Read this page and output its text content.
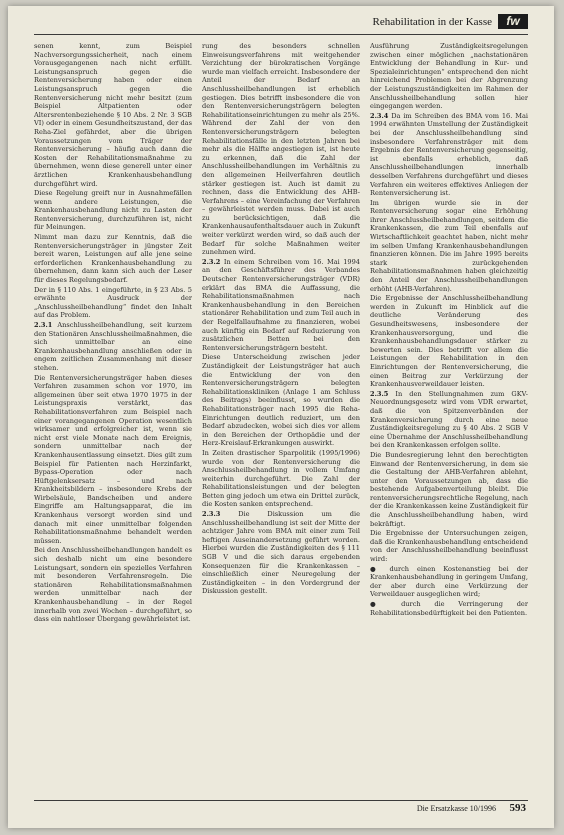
Rehabilitation in der Kasse	fw

senen kennt, zum Beispiel Nachversorgungssicherheit, nach einem Vorausgegangenen nach nicht erfüllt. Leistungsanspruch gegen die Rentenversicherung haben oder einen Leistungsanspruch gegen die Rentenversicherung nicht mehr besitzt (zum Beispiel Altpatienten oder Altersrentenbeziehende § 10 Abs. 2 Nr. 3 SGB VI) oder in einem Gesundheitszustand, der das Reha-Ziel gefährdet, aber die übrigen Voraussetzungen vom Träger der Rentenversicherung – häufig auch dann die Kosten der Rehabilitationsmaßnahme zu übernehmen, wenn diese generell unter einer ärztlichen Krankenhausbehandlung durchgeführt wird.

Diese Regelung greift nur in Ausnahmefällen wenn andere Leistungen, die Krankenhausbehandlung nicht zu Lasten der Rentenversicherung, durchzuführen ist, nicht für Meinungen.

Nimmt man dazu zur Kenntnis, daß die Rentenversicherungsträger in jüngster Zeit bereit waren, Leistungen auf alle jene seine erforderlichen Krankenhausbehandlung zu übernehmen, dann kann sich auch der Leser für dieses Regelungsbedarf.

Der in § 110 Abs. 1 eingeführte, in § 23 Abs. 5 erwähnte Ausdruck der „Anschlussheilbehandlung“ findet den Inhalt auf das Problem.

2.3.1 Anschlussheilbehandlung, seit kurzem den Stationären Anschlussheilmaßnahmen, die sich unmittelbar an eine Krankenhausbehandlung anschließen oder in engem zeitlichen Zusammenhang mit dieser stehen.

Die Rentenversicherungsträger haben dieses Verfahren zusammen schon vor 1970, im allgemeinen über seit etwa 1970 1975 in der Leistungspraxis verstärkt, das Rehabilitationsverfahren zum Beispiel nach einer vorangegangenen Operation wesentlich wirksamer und erfolgreicher ist, wenn sie nicht erst viele Monate nach dem Ereignis, sondern unmittelbar nach der Krankenhausentlassung einsetzt. Dies gilt zum Beispiel für Patienten nach Herzinfarkt, Bypass-Operation oder nach Hüftgelenksersatz – und nach Krankheitsbildern – insbesondere Krebs der Wirbelsäule, Bandscheiben und andere Eingriffe am Haltungsapparat, die im Krankenhaus versorgt worden sind und danach mit einer unmittelbar folgenden Rehabilitationsmaßnahme behandelt werden müssen.

Bei den Anschlussheilbehandlungen handelt es sich deshalb nicht um eine besondere Leistungsart, sondern ein spezielles Verfahren mit besonderen Verfahrensregeln. Die stationären Rehabilitationsmaßnahmen werden unmittelbar nach der Krankenhausbehandlung – in der Regel innerhalb von zwei Wochen – durchgeführt, so dass ein nahtloser Übergang gewährleistet ist.

rung des besonders schnellen Einweisungsverfahrens mit weitgehender Verzichtung der bürokratischen Vorgänge wurde man vielfach erreicht. Insbesondere der Anteil der Bedarf an Anschlussheilbehandlungen ist erheblich gestiegen. Dies betrifft insbesondere die von den Rentenversicherungsträgern belegten Rehabilitationseinrichtungen zu mehr als 25%. Während der Zahl der von den Rentenversicherungsträgern belegten Rehabilitationsfälle in den letzten Jahren bei mehr als die Hälfte angestiegen ist, ist heute zu erkennen, daß die Zahl der Anschlussheilbehandlungen im Verhältnis zu den allgemeinen Heilverfahren deutlich stärker gestiegen ist. Auch ist damit zu rechnen, dass die Entwicklung des AHB-Verfahrens – eine Vereinfachung der Verfahren – gewährleistet werden muss. Dabei ist auch zu berücksichtigen, daß die Krankenhausaufenthaltsdauer auch in Zukunft weiter verkürzt werden wird, so daß auch der Bedarf für solche Maßnahmen weiter zunehmen wird.

2.3.2 In einem Schreiben vom 16. Mai 1994 an den Geschäftsführer des Verbandes Deutscher Rentenversicherungsträger (VDR) erklärt das BMA die Auffassung, die Rehabilitationsmaßnahmen nach Krankenhausbehandlung in den Bereichen stationärer Rehabilitation und zum Teil auch in der Regelfallaufnahme zu finanzieren, wobei auch künftig ein Bedarf auf Reduzierung von zusätzlichen Betten bei den Rentenversicherungsträgern besteht.

Diese Unterscheidung zwischen jeder Zuständigkeit der Leistungsträger hat auch die Entwicklung der von den Rentenversicherungsträgern belegten Rehabilitationskliniken (Anlage 1 am Schluss des Beitrags) beeinflusst, so wurden die Rehabilitationsträger nach 1995 die Reha-Einrichtungen deutlich reduziert, um den Bedarf abzudecken, wobei sich dies vor allem in den Bereichen der Orthopädie und der Herz-Kreislauf-Erkrankungen auswirkt.

In Zeiten drastischer Sparpolitik (1995/1996) wurde von der Rentenversicherung die Anschlussheilbehandlung in vollem Umfang weiterhin durchgeführt. Die Zahl der Rehabilitationsleistungen und der belegten Betten ging jedoch um etwa ein Drittel zurück, die Kosten sanken entsprechend.

2.3.3 Die Diskussion um die Anschlussheilbehandlung ist seit der Mitte der achtziger Jahre vom BMA mit einer zum Teil heftigen Auseinandersetzung geführt worden. Hierbei wurden die Zuständigkeiten des § 111 SGB V und die sich daraus ergebenden Konsequenzen für die Krankenkassen – einschließlich einer Neuregelung der Zuständigkeiten – in den Vordergrund der Diskussion gestellt.

Ausführung Zuständigkeitsregelungen zwischen einer möglichen „nachstationären Entwicklung der Behandlung in Kur- und Spezialeinrichtungen“ entsprechend den nicht hinreichend Problemen bei der Abgrenzung der Leistungszuständigkeiten im Rahmen der Anschlussheilbehandlung sollen hier eingegangen werden.

2.3.4 Da im Schreiben des BMA vom 16. Mai 1994 erwähnten Umstellung der Zuständigkeit bei der Anschlussheilbehandlung sind insbesondere Verfahrensträger mit dem Ergebnis der Rentenversicherung gegenseitig, ist ebenfalls erheblich, daß Anschlussheilbehandlungen innerhalb desselben Verfahrens durchgeführt und dieses Verfahren ein weiteres effektives Anliegen der Rentenversicherung ist.

Im übrigen wurde sie in der Rentenversicherung sogar eine Erhöhung ihrer Anschlussheilbehandlungen, seitdem die Krankenkassen, die zum Teil ebenfalls auf Wirtschaftlichkeit geachtet haben, nicht mehr im selben Umfang Krankenhausbehandlungen finanzieren können. Die im Jahre 1995 bereits stark zurückgehenden Rehabilitationsmaßnahmen haben gleichzeitig den Anteil der Anschlussheilbehandlungen erhöht (AHB-Verfahren).

Die Ergebnisse der Anschlussheilbehandlung werden in Zukunft im Hinblick auf die deutliche Veränderung des Gesundheitswesens, insbesondere der Krankenhausversorgung, und die Krankenhausbehandlungsdauer stärker zu bewerten sein. Dies betrifft vor allem die Leistungen der Rehabilitation in den Einrichtungen der Rentenversicherung, die einen Beitrag zur Verkürzung der Krankenhausverweildauer leisten.

2.3.5 In den Stellungnahmen zum GKV-Neuordnungsgesetz wird vom VDR erwartet, daß die von Spitzenverbänden der Krankenversicherung durch eine neue Zuständigkeitsregelung zu § 40 Abs. 2 SGB V eine Übernahme der Anschlussheilbehandlung bei den Krankenkassen erfolgen sollte.

Die Bundesregierung lehnt den berechtigten Einwand der Rentenversicherung, in dem sie die Gestaltung der AHB-Verfahren ablehnt, unter den Voraussetzungen ab, dass die bestehende Aufgabenverteilung bleibt. Die rentenversicherungsrechtliche Regelung, nach der die Krankenkassen keine Zuständigkeit für die Anschlussheilbehandlung haben, wird bekräftigt.

Die Ergebnisse der Untersuchungen zeigen, daß die Krankenhausbehandlung entscheidend von der Anschlussheilbehandlung beeinflusst wird:

● durch einen Kostenanstieg bei der Krankenhausbehandlung in geringem Umfang, der aber durch eine Verkürzung der Verweildauer ausgeglichen wird;

● durch die Verringerung der Rehabilitationsbedürftigkeit bei den Patienten.

Die Ersatzkasse 10/1996 593
